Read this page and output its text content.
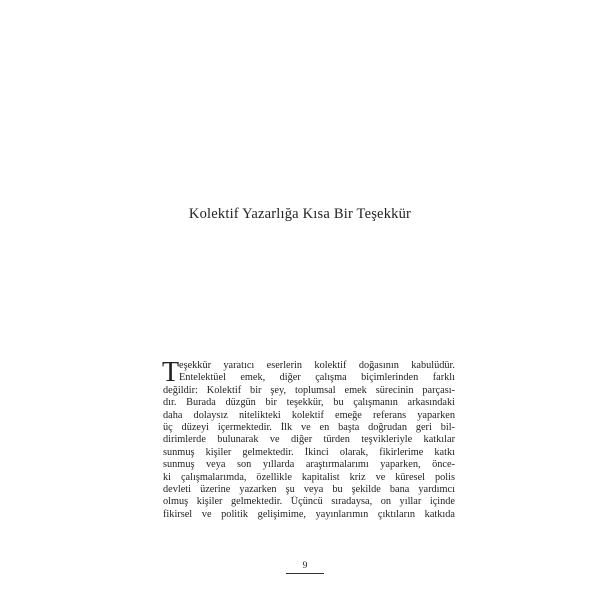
Kolektif Yazarlığa Kısa Bir Teşekkür
T eşekkür yaratıcı eserlerin kolektif doğasının kabulüdür.
Entelektüel emek, diğer çalışma biçimlerinden farklı
değildir: Kolektif bir şey, toplumsal emek sürecinin parçası-
dır. Burada düzgün bir teşekkür, bu çalışmanın arkasındaki
daha dolaysız nitelikteki kolektif emeğe referans yaparken
üç düzeyi içermektedir. İlk ve en başta doğrudan geri bil-
dirimlerde bulunarak ve diğer türden teşvikleriyle katkılar
sunmuş kişiler gelmektedir. İkinci olarak, fikirlerime katkı
sunmuş veya son yıllarda araştırmalarımı yaparken, önce-
ki çalışmalarımda, özellikle kapitalist kriz ve küresel polis
devleti üzerine yazarken şu veya bu şekilde bana yardımcı
olmuş kişiler gelmektedir. Üçüncü sıradaysa, on yıllar içinde
fikirsel ve politik gelişimime, yayınlarımın çıktıların katkıda
9
